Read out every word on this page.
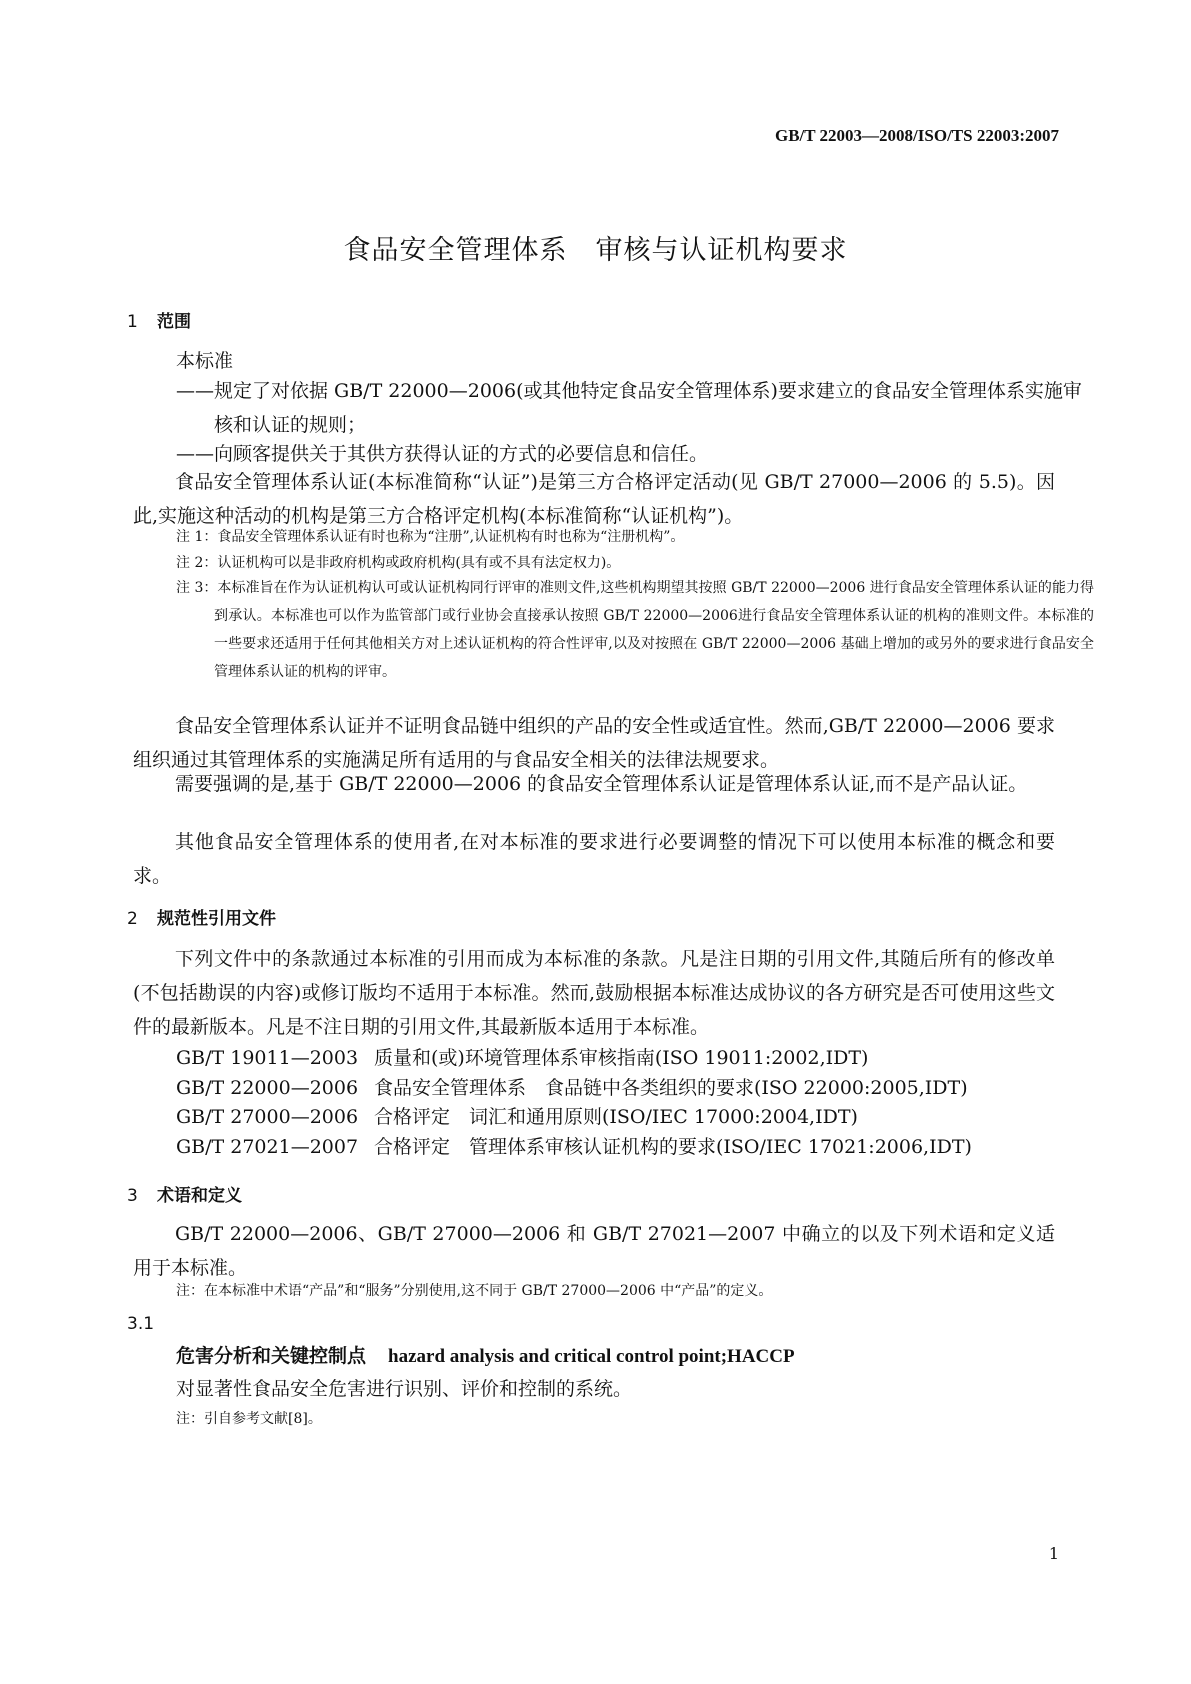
GB/T 22003—2008/ISO/TS 22003:2007
食品安全管理体系　审核与认证机构要求
1 范围
本标准
——规定了对依据 GB/T 22000—2006(或其他特定食品安全管理体系)要求建立的食品安全管理体系实施审核和认证的规则；
——向顾客提供关于其供方获得认证的方式的必要信息和信任。
食品安全管理体系认证(本标准简称“认证”)是第三方合格评定活动(见 GB/T 27000—2006 的 5.5)。因此,实施这种活动的机构是第三方合格评定机构(本标准简称“认证机构”)。
注 1：食品安全管理体系认证有时也称为“注册”,认证机构有时也称为“注册机构”。
注 2：认证机构可以是非政府机构或政府机构(具有或不具有法定权力)。
注 3：本标准旨在作为认证机构认可或认证机构同行评审的准则文件,这些机构期望其按照 GB/T 22000—2006 进行食品安全管理体系认证的能力得到承认。本标准也可以作为监管部门或行业协会直接承认按照 GB/T 22000—2006进行食品安全管理体系认证的机构的准则文件。本标准的一些要求还适用于任何其他相关方对上述认证机构的符合性评审,以及对按照在 GB/T 22000—2006 基础上增加的或另外的要求进行食品安全管理体系认证的机构的评审。
食品安全管理体系认证并不证明食品链中组织的产品的安全性或适宜性。然而,GB/T 22000—2006 要求组织通过其管理体系的实施满足所有适用的与食品安全相关的法律法规要求。
需要强调的是,基于 GB/T 22000—2006 的食品安全管理体系认证是管理体系认证,而不是产品认证。
其他食品安全管理体系的使用者,在对本标准的要求进行必要调整的情况下可以使用本标准的概念和要求。
2 规范性引用文件
下列文件中的条款通过本标准的引用而成为本标准的条款。凡是注日期的引用文件,其随后所有的修改单(不包括勘误的内容)或修订版均不适用于本标准。然而,鼓励根据本标准达成协议的各方研究是否可使用这些文件的最新版本。凡是不注日期的引用文件,其最新版本适用于本标准。
GB/T 19011—2003 质量和(或)环境管理体系审核指南(ISO 19011:2002,IDT)
GB/T 22000—2006 食品安全管理体系　食品链中各类组织的要求(ISO 22000:2005,IDT)
GB/T 27000—2006 合格评定　词汇和通用原则(ISO/IEC 17000:2004,IDT)
GB/T 27021—2007 合格评定　管理体系审核认证机构的要求(ISO/IEC 17021:2006,IDT)
3 术语和定义
GB/T 22000—2006、GB/T 27000—2006 和 GB/T 27021—2007 中确立的以及下列术语和定义适用于本标准。
注：在本标准中术语“产品”和“服务”分别使用,这不同于 GB/T 27000—2006 中“产品”的定义。
3.1
危害分析和关键控制点 hazard analysis and critical control point;HACCP
对显著性食品安全危害进行识别、评价和控制的系统。
注：引自参考文献[8]。
1
